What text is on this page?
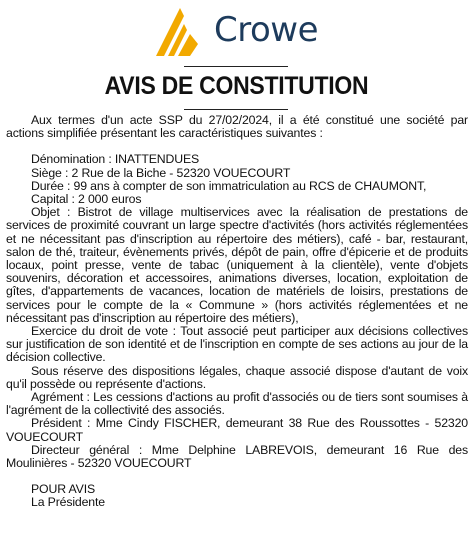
Crowe
AVIS DE CONSTITUTION

Aux termes d'un acte SSP du 27/02/2024, il a été constitué une société par actions simplifiée présentant les caractéristiques suivantes :

Dénomination : INATTENDUES

Siège : 2 Rue de la Biche - 52320 VOUECOURT

Durée : 99 ans à compter de son immatriculation au RCS de CHAUMONT,

Capital : 2 000 euros

Objet : Bistrot de village multiservices avec la réalisation de prestations de services de proximité couvrant un large spectre d'activités (hors activités réglementées et ne nécessitant pas d'inscription au répertoire des métiers), café - bar, restaurant, salon de thé, traiteur, évènements privés, dépôt de pain, offre d'épicerie et de produits locaux, point presse, vente de tabac (uniquement à la clientèle), vente d'objets souvenirs, décoration et accessoires, animations diverses, location, exploitation de gîtes, d'appartements de vacances, location de matériels de loisirs, prestations de services pour le compte de la « Commune » (hors activités réglementées et ne nécessitant pas d'inscription au répertoire des métiers),

Exercice du droit de vote : Tout associé peut participer aux décisions collectives sur justification de son identité et de l'inscription en compte de ses actions au jour de la décision collective.

Sous réserve des dispositions légales, chaque associé dispose d'autant de voix qu'il possède ou représente d'actions.

Agrément : Les cessions d'actions au profit d'associés ou de tiers sont soumises à l'agrément de la collectivité des associés.

Président : Mme Cindy FISCHER, demeurant 38 Rue des Roussottes - 52320 VOUECOURT

Directeur général : Mme Delphine LABREVOIS, demeurant 16 Rue des Moulinières - 52320 VOUECOURT

POUR AVIS

La Présidente
